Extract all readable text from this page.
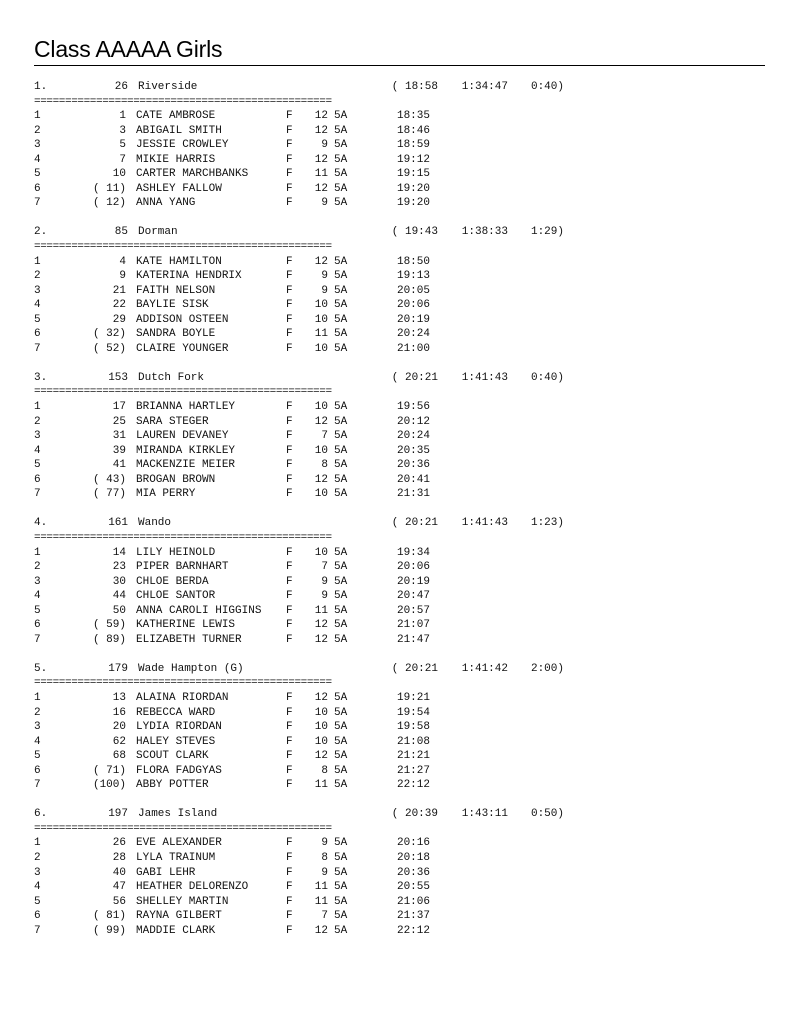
Class AAAAA Girls
1.	26 Riverside	( 18:58 1:34:47 0:40)
================================================
1	1 CATE AMBROSE	F 12 5A	18:35
2	3 ABIGAIL SMITH	F 12 5A	18:46
3	5 JESSIE CROWLEY	F	9 5A	18:59
4	7 MIKIE HARRIS	F 12 5A	19:12
5	10 CARTER MARCHBANKS	F 11 5A	19:15
6	( 11) ASHLEY FALLOW	F 12 5A	19:20
7	( 12) ANNA YANG	F	9 5A	19:20
2.	85 Dorman	( 19:43 1:38:33 1:29)
================================================
1	4 KATE HAMILTON	F 12 5A	18:50
2	9 KATERINA HENDRIX	F	9 5A	19:13
3	21 FAITH NELSON	F	9 5A	20:05
4	22 BAYLIE SISK	F 10 5A	20:06
5	29 ADDISON OSTEEN	F 10 5A	20:19
6	( 32) SANDRA BOYLE	F 11 5A	20:24
7	( 52) CLAIRE YOUNGER	F 10 5A	21:00
3.	153 Dutch Fork	( 20:21 1:41:43 0:40)
================================================
1	17 BRIANNA HARTLEY	F 10 5A	19:56
2	25 SARA STEGER	F 12 5A	20:12
3	31 LAUREN DEVANEY	F	7 5A	20:24
4	39 MIRANDA KIRKLEY	F 10 5A	20:35
5	41 MACKENZIE MEIER	F	8 5A	20:36
6	( 43) BROGAN BROWN	F 12 5A	20:41
7	( 77) MIA PERRY	F 10 5A	21:31
4.	161 Wando	( 20:21 1:41:43 1:23)
================================================
1	14 LILY HEINOLD	F 10 5A	19:34
2	23 PIPER BARNHART	F	7 5A	20:06
3	30 CHLOE BERDA	F	9 5A	20:19
4	44 CHLOE SANTOR	F	9 5A	20:47
5	50 ANNA CAROLI HIGGINS F 11 5A	20:57
6	( 59) KATHERINE LEWIS	F 12 5A	21:07
7	( 89) ELIZABETH TURNER	F 12 5A	21:47
5.	179 Wade Hampton (G)	( 20:21 1:41:42 2:00)
================================================
1	13 ALAINA RIORDAN	F 12 5A	19:21
2	16 REBECCA WARD	F 10 5A	19:54
3	20 LYDIA RIORDAN	F 10 5A	19:58
4	62 HALEY STEVES	F 10 5A	21:08
5	68 SCOUT CLARK	F 12 5A	21:21
6	( 71) FLORA FADGYAS	F	8 5A	21:27
7	(100) ABBY POTTER	F 11 5A	22:12
6.	197 James Island	( 20:39 1:43:11 0:50)
================================================
1	26 EVE ALEXANDER	F	9 5A	20:16
2	28 LYLA TRAINUM	F	8 5A	20:18
3	40 GABI LEHR	F	9 5A	20:36
4	47 HEATHER DELORENZO	F 11 5A	20:55
5	56 SHELLEY MARTIN	F 11 5A	21:06
6	( 81) RAYNA GILBERT	F	7 5A	21:37
7	( 99) MADDIE CLARK	F 12 5A	22:12
